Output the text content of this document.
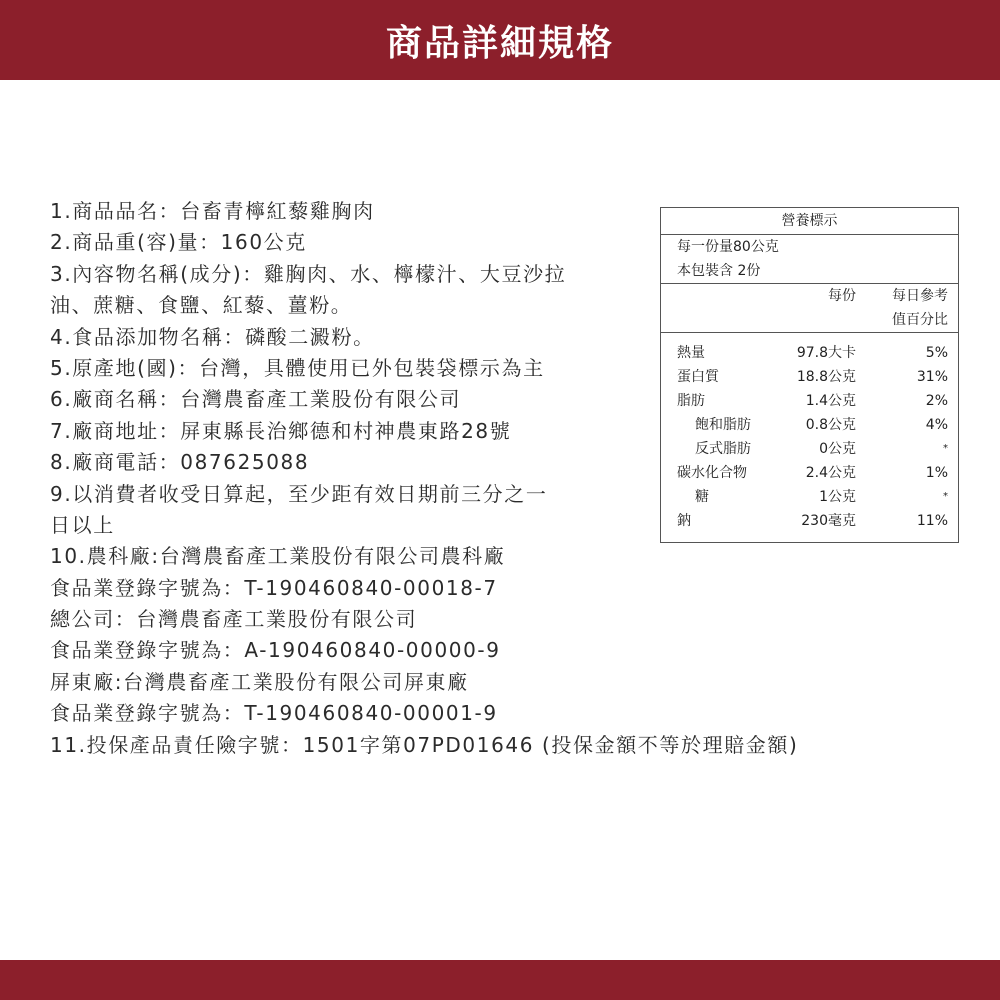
商品詳細規格
1.商品品名：台畜青檸紅藜雞胸肉
2.商品重(容)量：160公克
3.內容物名稱(成分)：雞胸肉、水、檸檬汁、大豆沙拉
油、蔗糖、食鹽、紅藜、薑粉。
4.食品添加物名稱：磷酸二澱粉。
5.原產地(國)：台灣，具體使用已外包裝袋標示為主
6.廠商名稱：台灣農畜產工業股份有限公司
7.廠商地址：屏東縣長治鄉德和村神農東路28號
8.廠商電話：087625088
9.以消費者收受日算起，至少距有效日期前三分之一
日以上
10.農科廠:台灣農畜產工業股份有限公司農科廠
食品業登錄字號為：T-190460840-00018-7
總公司：台灣農畜產工業股份有限公司
食品業登錄字號為：A-190460840-00000-9
屏東廠:台灣農畜產工業股份有限公司屏東廠
食品業登錄字號為：T-190460840-00001-9
11.投保產品責任險字號：1501字第07PD01646 (投保金額不等於理賠金額)
營養標示
每一份量80公克
本包裝含 2份
每份	每日參考
值百分比
熱量	97.8大卡	5%
蛋白質	18.8公克	31%
脂肪	1.4公克	2%
飽和脂肪	0.8公克	4%
反式脂肪	0公克	*
碳水化合物	2.4公克	1%
糖	1公克	*
鈉	230毫克	11%
